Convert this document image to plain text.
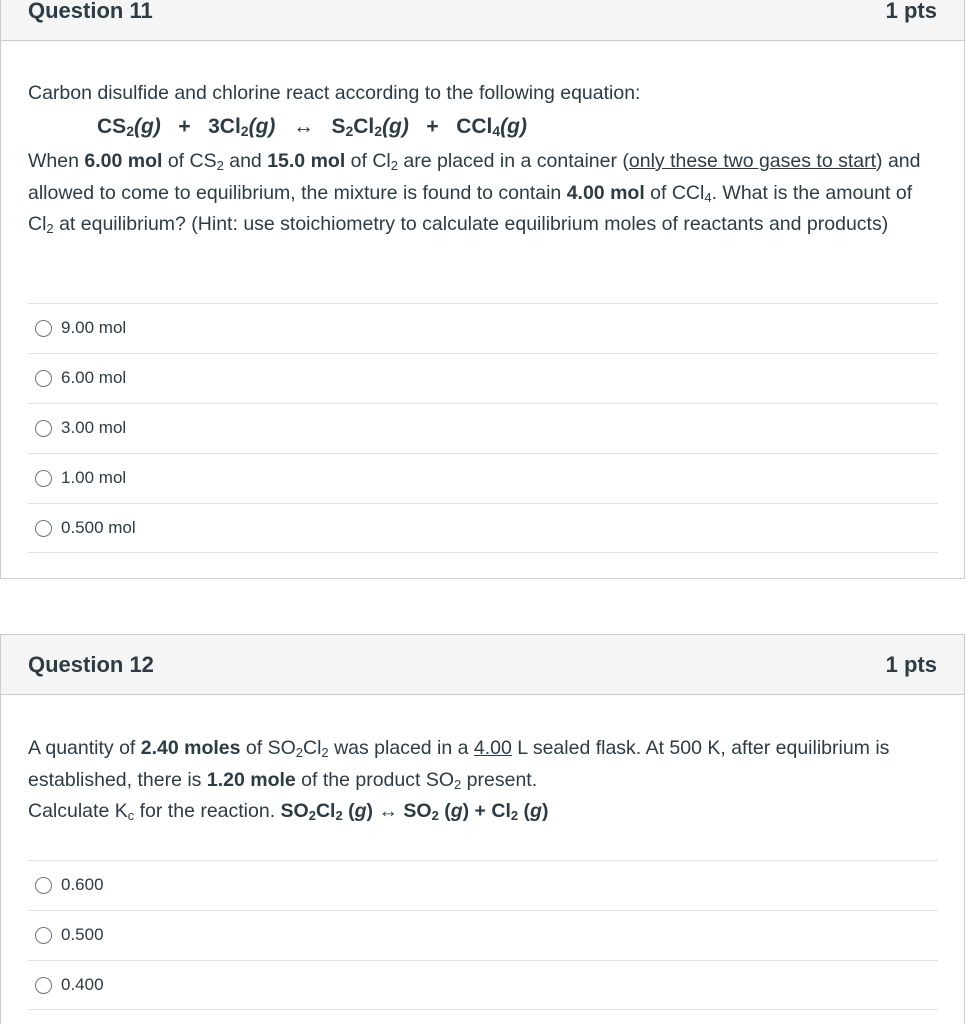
Question 11	1 pts
Carbon disulfide and chlorine react according to the following equation:
$CS_2(g) + 3Cl_2(g)$ ↔ $S_2Cl_2(g) + CCl_4(g)$
When 6.00 mol of $CS_2$ and 15.0 mol of $Cl_2$ are placed in a container (only these two gases to start) and allowed to come to equilibrium, the mixture is found to contain 4.00 mol of CCl$_4$. What is the amount of $Cl_2$ at equilibrium? (Hint: use stoichiometry to calculate equilibrium moles of reactants and products)
9.00 mol
6.00 mol
3.00 mol
1.00 mol
0.500 mol
Question 12	1 pts
A quantity of 2.40 moles of $SO_2Cl_2$ was placed in a 4.00 L sealed flask. At 500 K, after equilibrium is established, there is 1.20 mole of the product $SO_2$ present.
Calculate $K_c$ for the reaction. $SO_2Cl_2$ (g) ↔ $SO_2$ $(g) + Cl_2$ (g)
0.600
0.500
0.400
